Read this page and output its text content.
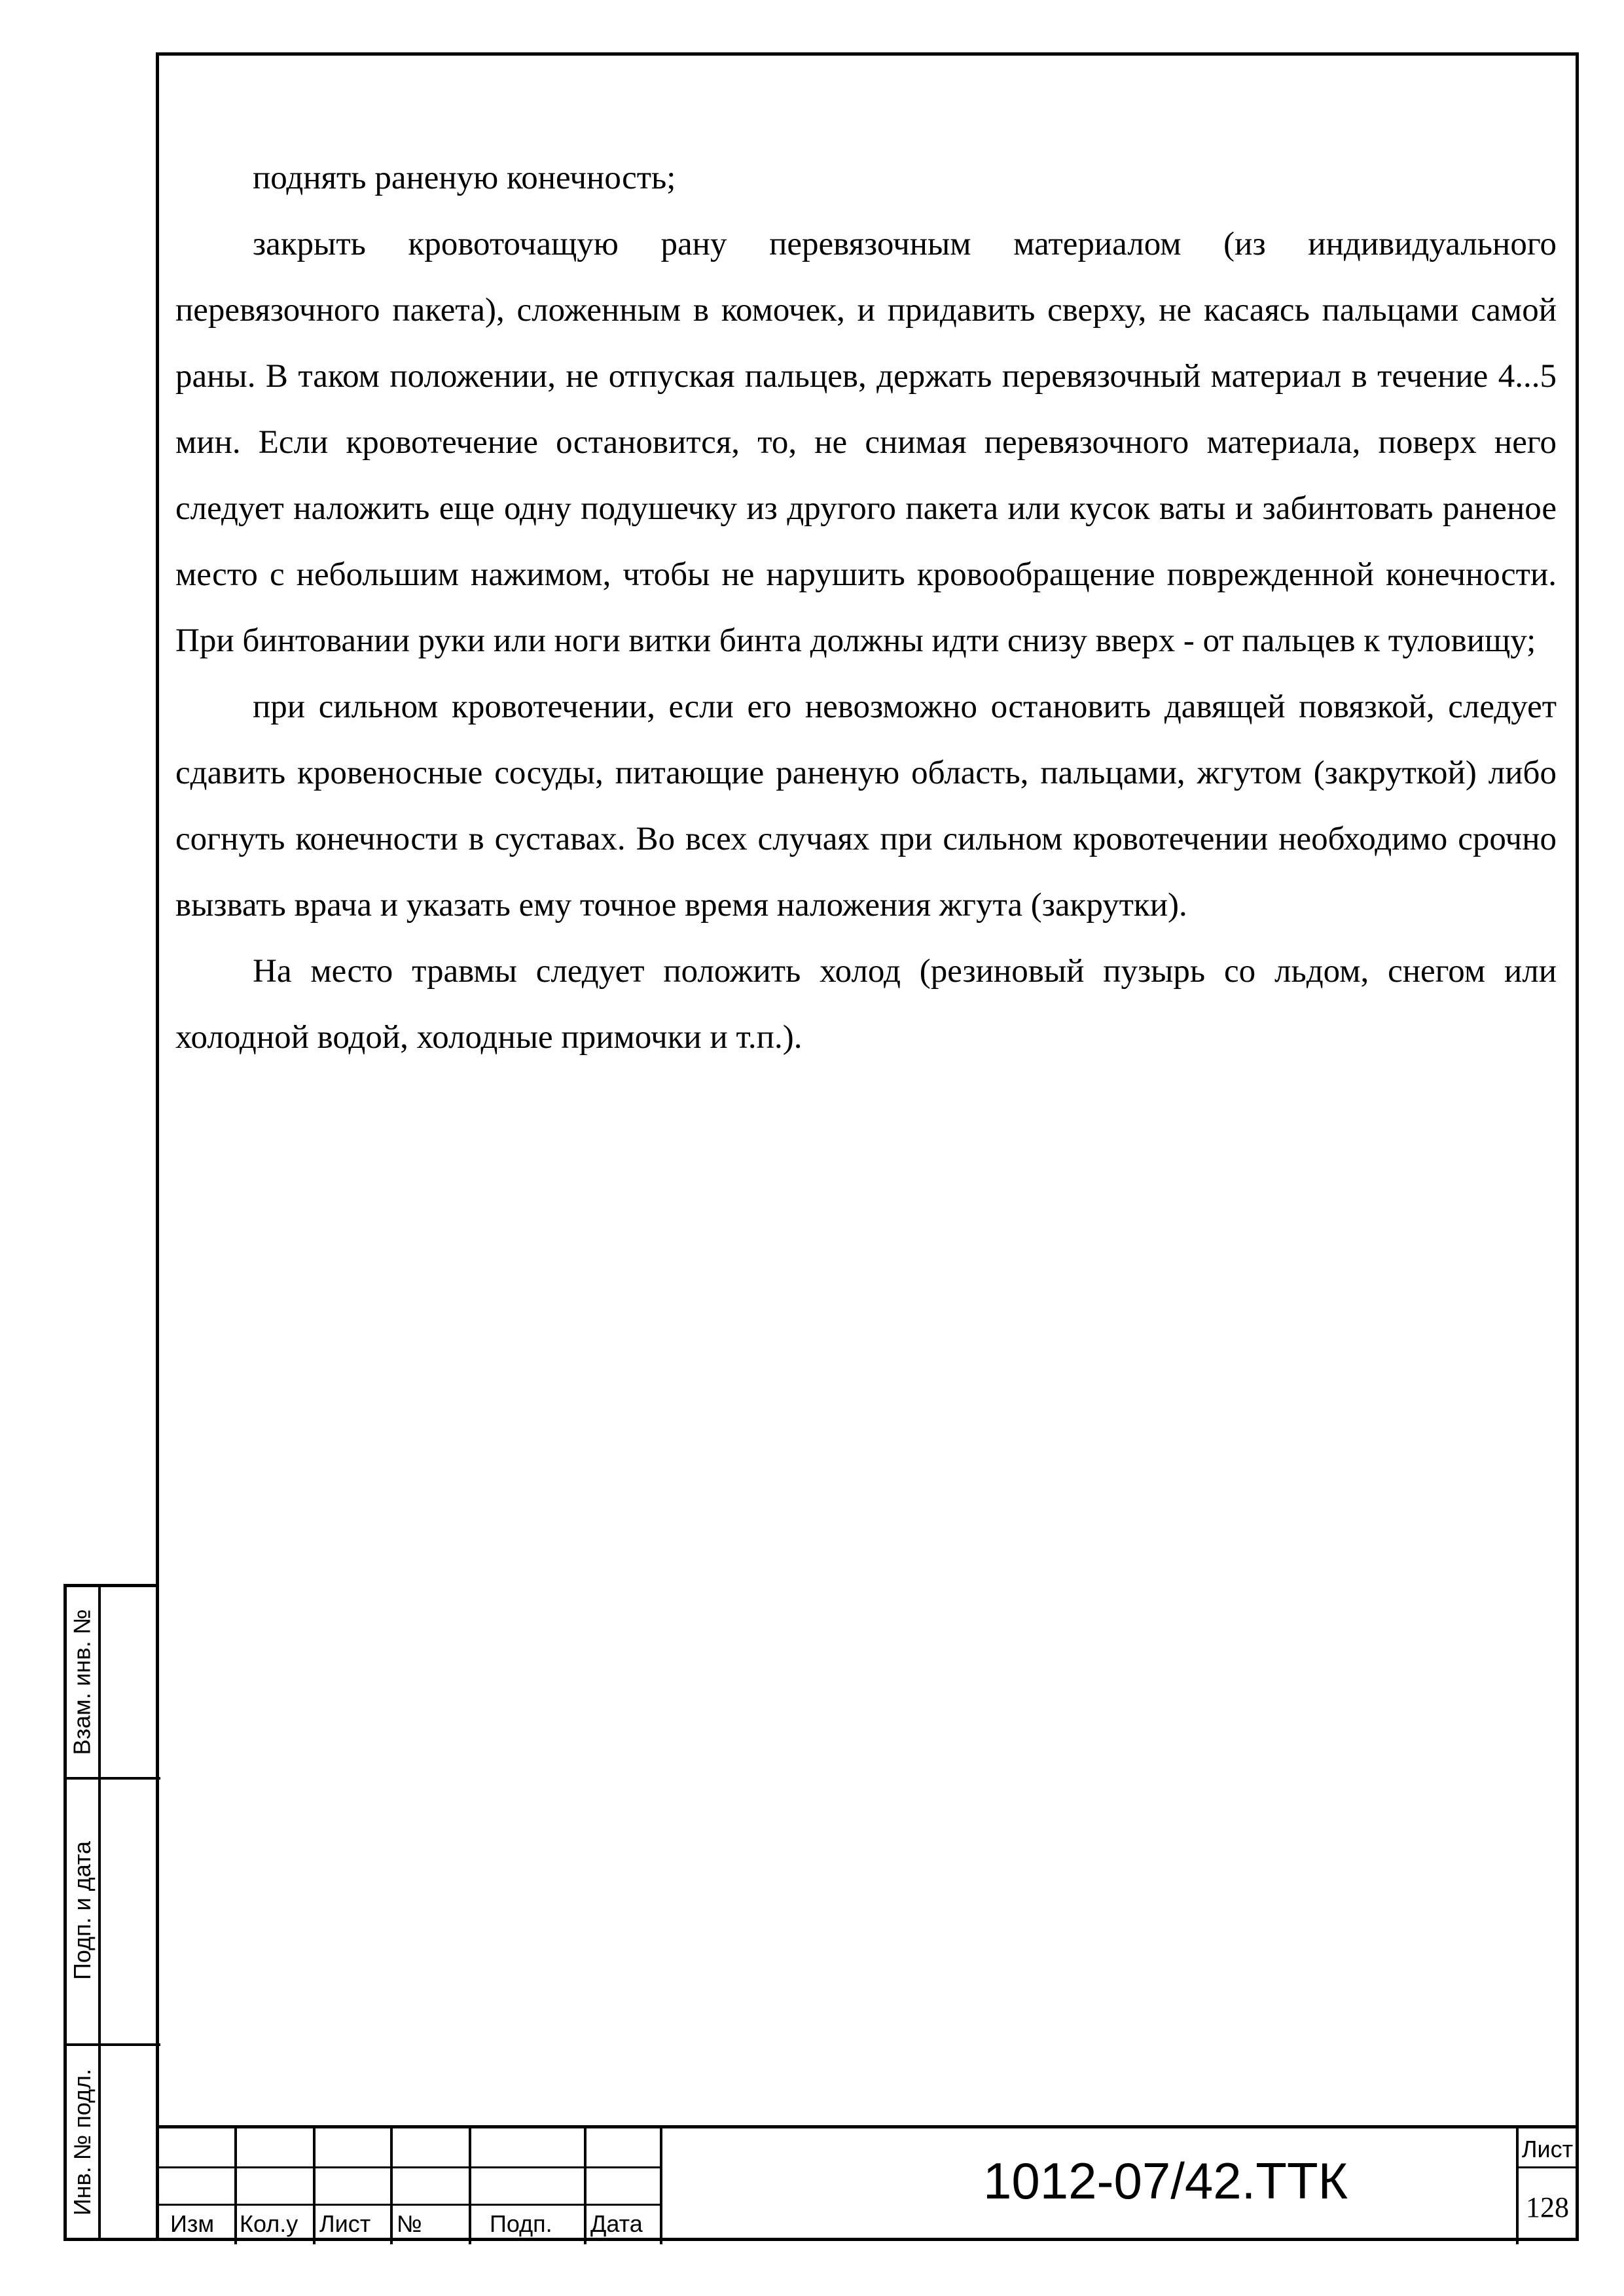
поднять раненую конечность;

закрыть кровоточащую рану перевязочным материалом (из индивидуального перевязочного пакета), сложенным в комочек, и придавить сверху, не касаясь пальцами самой раны. В таком положении, не отпуская пальцев, держать перевязочный материал в течение 4...5 мин. Если кровотечение остановится, то, не снимая перевязочного материала, поверх него следует наложить еще одну подушечку из другого пакета или кусок ваты и забинтовать раненое место с небольшим нажимом, чтобы не нарушить кровообращение поврежденной конечности. При бинтовании руки или ноги витки бинта должны идти снизу вверх - от пальцев к туловищу;

при сильном кровотечении, если его невозможно остановить давящей повязкой, следует сдавить кровеносные сосуды, питающие раненую область, пальцами, жгутом (закруткой) либо согнуть конечности в суставах. Во всех случаях при сильном кровотечении необходимо срочно вызвать врача и указать ему точное время наложения жгута (закрутки).

На место травмы следует положить холод (резиновый пузырь со льдом, снегом или холодной водой, холодные примочки и т.п.).

Взам. инв. №
Подп. и дата
Инв. № подл.
Изм Кол.у Лист №	Подп. Дата
1012-07/42.ТТК
Лист
128
